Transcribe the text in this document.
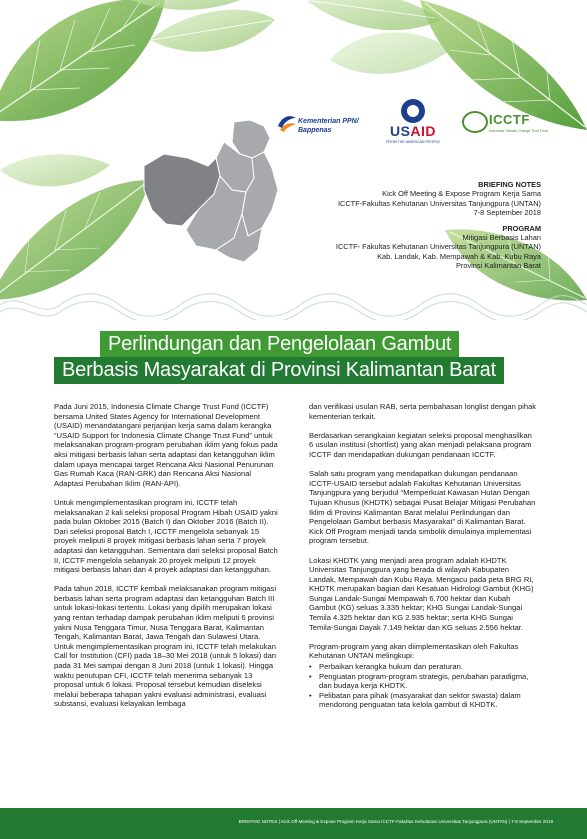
Kementerian PPN/
Bappenas	USAID
FROM THE AMERICAN PEOPLE
ICCTF
Indonesia Climate Change Trust Fund
BRIEFING NOTES
Kick Off Meeting & Expose Program Kerja Sama
ICCTF-Fakultas Kehutanan Universitas Tanjungpura (UNTAN)
7-8 September 2018
PROGRAM
Mitigasi Berbasis Lahan
ICCTF- Fakultas Kehutanan Universitas Tanjungpura (UNTAN)
Kab. Landak, Kab. Mempawah & Kab. Kubu Raya
Provinsi Kalimantan Barat
Perlindungan dan Pengelolaan Gambut
Berbasis Masyarakat di Provinsi Kalimantan Barat

Pada Juni 2015, Indonesia Climate Change Trust Fund (ICCTF) bersama United States Agency for International Development (USAID) menandatangani perjanjian kerja sama dalam kerangka “USAID Support for Indonesia Climate Change Trust Fund” untuk melaksanakan program-program perubahan iklim yang fokus pada aksi mitigasi berbasis lahan serta adaptasi dan ketangguhan iklim dalam upaya mencapai target Rencana Aksi Nasional Penurunan Gas Rumah Kaca (RAN-GRK) dan Rencana Aksi Nasional Adaptasi Perubahan Iklim (RAN-API).

Untuk mengimplementasikan program ini, ICCTF telah melaksanakan 2 kali seleksi proposal Program Hibah USAID yakni pada bulan Oktober 2015 (Batch I) dan Oktober 2016 (Batch II). Dari seleksi proposal Batch I, ICCTF mengelola sebanyak 15 proyek meliputi 8 proyek mitigasi berbasis lahan serta 7 proyek adaptasi dan ketangguhan. Sementara dari seleksi proposal Batch II, ICCTF mengelola sebanyak 20 proyek meliputi 12 proyek mitigasi berbasis lahan dan 4 proyek adaptasi dan ketangguhan.

Pada tahun 2018, ICCTF kembali melaksanakan program mitigasi berbasis lahan serta program adaptasi dan ketangguhan Batch III untuk lokasi-lokasi tertentu. Lokasi yang dipilih merupakan lokasi yang rentan terhadap dampak perubahan iklim meliputi 6 provinsi yakni Nusa Tenggara Timur, Nusa Tenggara Barat, Kalimantan Tengah, Kalimantan Barat, Jawa Tengah dan Sulawesi Utara. Untuk mengimplementasikan program ini, ICCTF telah melakukan Call for Institution (CFI) pada 18–30 Mei 2018 (untuk 5 lokasi) dan pada 31 Mei sampai dengan 8 Juni 2018 (untuk 1 lokasi). Hingga waktu penutupan CFI, ICCTF telah menerima sebanyak 13 proposal untuk 6 lokasi. Proposal tersebut kemudian diseleksi melalui beberapa tahapan yakni evaluasi administrasi, evaluasi substansi, evaluasi kelayakan lembaga

dan verifikasi usulan RAB, serta pembahasan longlist dengan pihak kementerian terkait.

Berdasarkan serangkaian kegiatan seleksi proposal menghasilkan 6 usulan institusi (shortlist) yang akan menjadi pelaksana program ICCTF dan mendapatkan dukungan pendanaan ICCTF.

Salah satu program yang mendapatkan dukungan pendanaan ICCTF-USAID tersebut adalah Fakultas Kehutanan Universitas Tanjungpura yang berjudul “Memperkuat Kawasan Hutan Dengan Tujuan Khusus (KHDTK) sebagai Pusat Belajar Mitigasi Perubahan Iklim di Provinsi Kalimantan Barat melalui Perlindungan dan Pengelolaan Gambut berbasis Masyarakat” di Kalimantan Barat. Kick Off Program menjadi tanda simbolik dimulainya implementasi program tersebut.

Lokasi KHDTK yang menjadi area program adalah KHDTK Universitas Tanjungpura yang berada di wilayah Kabupaten Landak, Mempawah dan Kubu Raya. Mengacu pada peta BRG RI, KHDTK merupakan bagian dari Kesatuan Hidrologi Gambut (KHG) Sungai Landak-Sungai Mempawah 6.700 hektar dan Kubah Gambut (KG) seluas 3.335 hektar; KHG Sungai Landak-Sungai Temila 4.325 hektar dan KG 2.935 hektar; serta KHG Sungai Temila-Sungai Dayak 7.149 hektar dan KG seluas 2.556 hektar.

Program-program yang akan diimplementasikan oleh Fakultas Kehutanan UNTAN melingkupi:

• Perbaikan kerangka hukum dan peraturan.
• Penguatan program-program strategis, perubahan paradigma, dan budaya kerja KHDTK.
• Pelibatan para pihak (masyarakat dan sektor swasta) dalam mendorong penguatan tata kelola gambut di KHDTK.
BRIEFING NOTES | Kick Off Meeting & Expose Program Kerja Sama ICCTF-Fakultas Kehutanan Universitas Tanjungpura (UNTAN) | 7-8 September 2018
